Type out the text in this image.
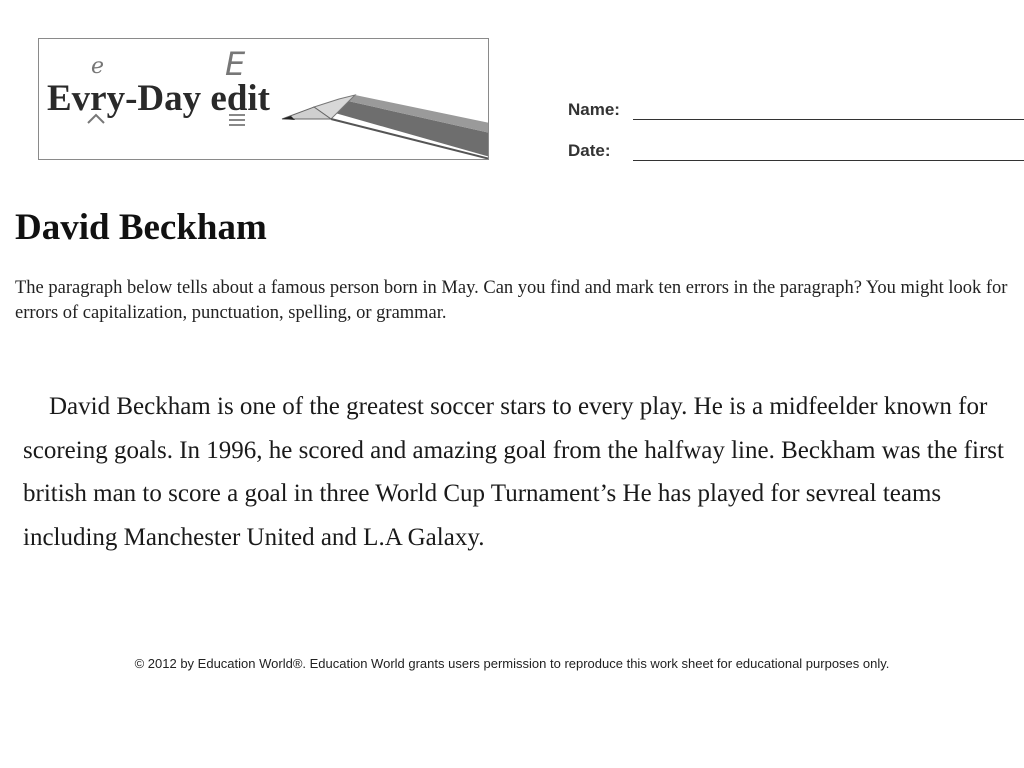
e	E
Evry-Day edit	Name:
Date:
David Beckham

The paragraph below tells about a famous person born in May. Can you find and mark ten errors in the paragraph? You might look for errors of capitalization, punctuation, spelling, or grammar.

David Beckham is one of the greatest soccer stars to every play. He is a midfeelder known for scoreing goals. In 1996, he scored and amazing goal from the halfway line. Beckham was the first british man to score a goal in three World Cup Turnament’s He has played for sevreal teams including Manchester United and L.A Galaxy.

© 2012 by Education World®. Education World grants users permission to reproduce this work sheet for educational purposes only.
